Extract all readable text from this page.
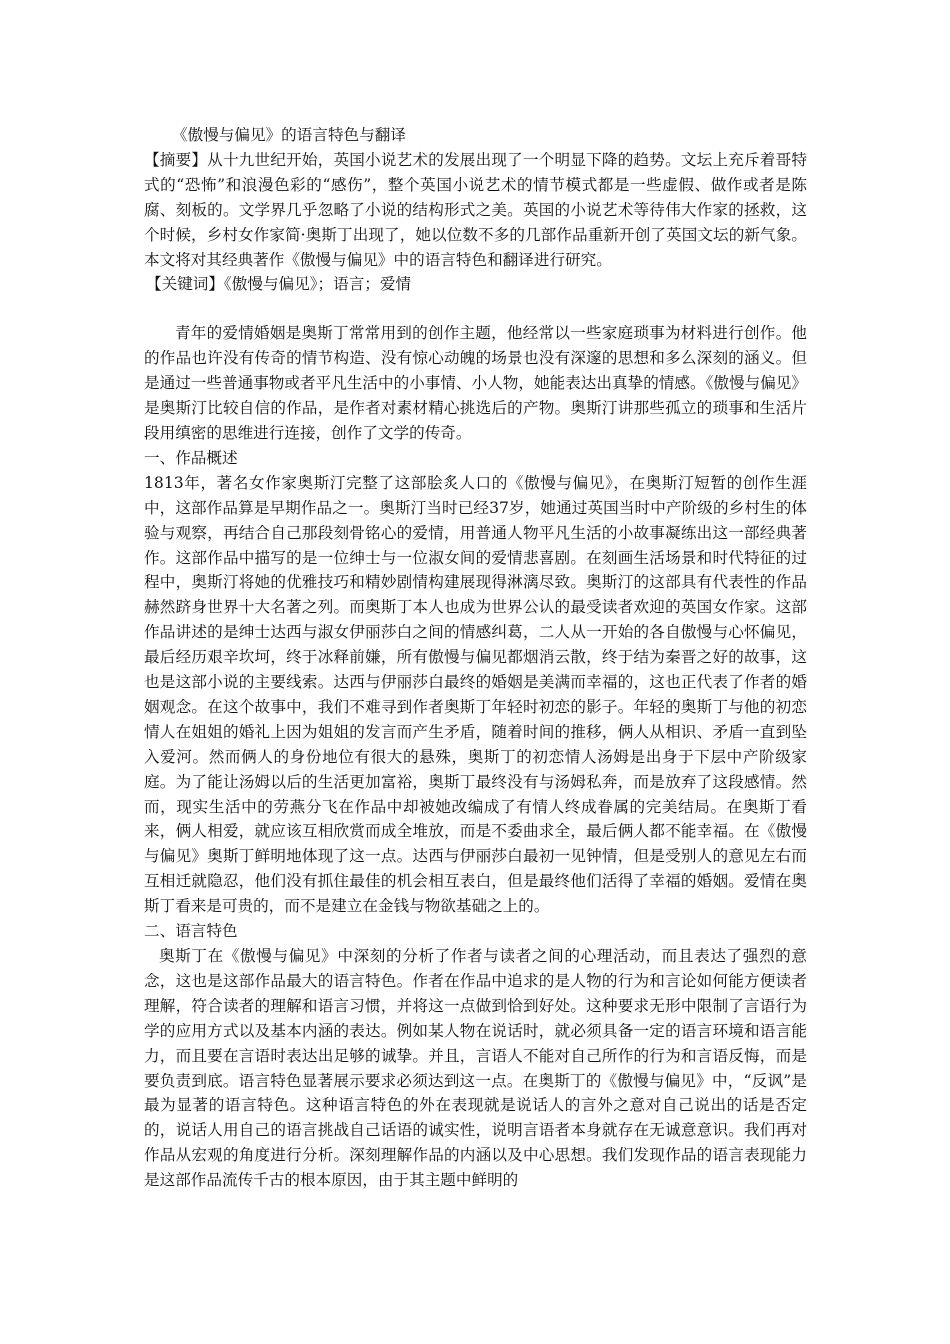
《傲慢与偏见》的语言特色与翻译

【摘要】从十九世纪开始，英国小说艺术的发展出现了一个明显下降的趋势。文坛上充斥着哥特式的“恐怖”和浪漫色彩的“感伤”，整个英国小说艺术的情节模式都是一些虚假、做作或者是陈腐、刻板的。文学界几乎忽略了小说的结构形式之美。英国的小说艺术等待伟大作家的拯救，这个时候，乡村女作家简·奥斯丁出现了，她以位数不多的几部作品重新开创了英国文坛的新气象。本文将对其经典著作《傲慢与偏见》中的语言特色和翻译进行研究。

【关键词】《傲慢与偏见》；语言；爱情

青年的爱情婚姻是奥斯丁常常用到的创作主题，他经常以一些家庭琐事为材料进行创作。他的作品也许没有传奇的情节构造、没有惊心动魄的场景也没有深邃的思想和多么深刻的涵义。但是通过一些普通事物或者平凡生活中的小事情、小人物，她能表达出真挚的情感。《傲慢与偏见》是奥斯汀比较自信的作品，是作者对素材精心挑选后的产物。奥斯汀讲那些孤立的琐事和生活片段用缜密的思维进行连接，创作了文学的传奇。

一、作品概述

1813年，著名女作家奥斯汀完整了这部脍炙人口的《傲慢与偏见》，在奥斯汀短暂的创作生涯中，这部作品算是早期作品之一。奥斯汀当时已经37岁，她通过英国当时中产阶级的乡村生的体验与观察，再结合自己那段刻骨铭心的爱情，用普通人物平凡生活的小故事凝练出这一部经典著作。这部作品中描写的是一位绅士与一位淑女间的爱情悲喜剧。在刻画生活场景和时代特征的过程中，奥斯汀将她的优雅技巧和精妙剧情构建展现得淋漓尽致。奥斯汀的这部具有代表性的作品赫然跻身世界十大名著之列。而奥斯丁本人也成为世界公认的最受读者欢迎的英国女作家。这部作品讲述的是绅士达西与淑女伊丽莎白之间的情感纠葛，二人从一开始的各自傲慢与心怀偏见，最后经历艰辛坎坷，终于冰释前嫌，所有傲慢与偏见都烟消云散，终于结为秦晋之好的故事，这也是这部小说的主要线索。达西与伊丽莎白最终的婚姻是美满而幸福的，这也正代表了作者的婚姻观念。在这个故事中，我们不难寻到作者奥斯丁年轻时初恋的影子。年轻的奥斯丁与他的初恋情人在姐姐的婚礼上因为姐姐的发言而产生矛盾，随着时间的推移，俩人从相识、矛盾一直到坠入爱河。然而俩人的身份地位有很大的悬殊，奥斯丁的初恋情人汤姆是出身于下层中产阶级家庭。为了能让汤姆以后的生活更加富裕，奥斯丁最终没有与汤姆私奔，而是放弃了这段感情。然而，现实生活中的劳燕分飞在作品中却被她改编成了有情人终成眷属的完美结局。在奥斯丁看来，俩人相爱，就应该互相欣赏而成全堆放，而是不委曲求全，最后俩人都不能幸福。在《傲慢与偏见》奥斯丁鲜明地体现了这一点。达西与伊丽莎白最初一见钟情，但是受别人的意见左右而互相迁就隐忍，他们没有抓住最佳的机会相互表白，但是最终他们活得了幸福的婚姻。爱情在奥斯丁看来是可贵的，而不是建立在金钱与物欲基础之上的。

二、语言特色

奥斯丁在《傲慢与偏见》中深刻的分析了作者与读者之间的心理活动，而且表达了强烈的意念，这也是这部作品最大的语言特色。作者在作品中追求的是人物的行为和言论如何能方便读者理解，符合读者的理解和语言习惯，并将这一点做到恰到好处。这种要求无形中限制了言语行为学的应用方式以及基本内涵的表达。例如某人物在说话时，就必须具备一定的语言环境和语言能力，而且要在言语时表达出足够的诚挚。并且，言语人不能对自己所作的行为和言语反悔，而是要负责到底。语言特色显著展示要求必须达到这一点。在奥斯丁的《傲慢与偏见》中，“反讽”是最为显著的语言特色。这种语言特色的外在表现就是说话人的言外之意对自己说出的话是否定的，说话人用自己的语言挑战自己话语的诚实性，说明言语者本身就存在无诚意意识。我们再对作品从宏观的角度进行分析。深刻理解作品的内涵以及中心思想。我们发现作品的语言表现能力是这部作品流传千古的根本原因，由于其主题中鲜明的
